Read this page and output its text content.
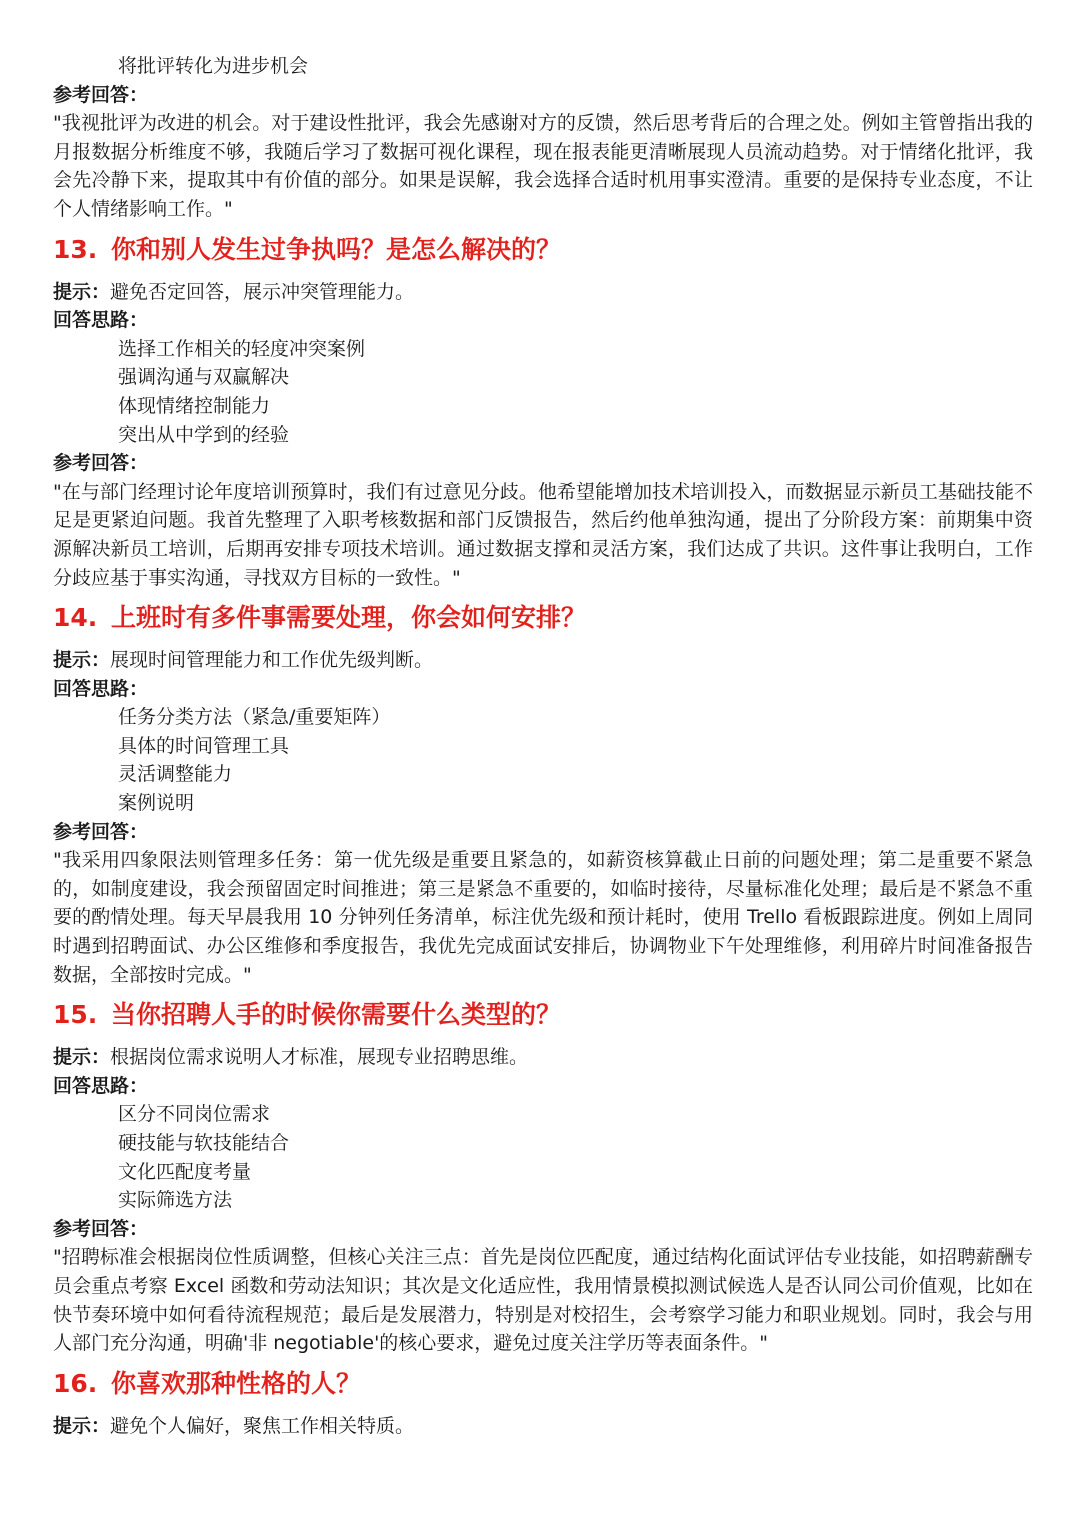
将批评转化为进步机会
参考回答：
"我视批评为改进的机会。对于建设性批评，我会先感谢对方的反馈，然后思考背后的合理之处。例如主管曾指出我的月报数据分析维度不够，我随后学习了数据可视化课程，现在报表能更清晰展现人员流动趋势。对于情绪化批评，我会先冷静下来，提取其中有价值的部分。如果是误解，我会选择合适时机用事实澄清。重要的是保持专业态度，不让个人情绪影响工作。"
13. 你和别人发生过争执吗？是怎么解决的？
提示：避免否定回答，展示冲突管理能力。
回答思路：
选择工作相关的轻度冲突案例
强调沟通与双赢解决
体现情绪控制能力
突出从中学到的经验
参考回答：
"在与部门经理讨论年度培训预算时，我们有过意见分歧。他希望能增加技术培训投入，而数据显示新员工基础技能不足是更紧迫问题。我首先整理了入职考核数据和部门反馈报告，然后约他单独沟通，提出了分阶段方案：前期集中资源解决新员工培训，后期再安排专项技术培训。通过数据支撑和灵活方案，我们达成了共识。这件事让我明白，工作分歧应基于事实沟通，寻找双方目标的一致性。"
14. 上班时有多件事需要处理，你会如何安排？
提示：展现时间管理能力和工作优先级判断。
回答思路：
任务分类方法（紧急/重要矩阵）
具体的时间管理工具
灵活调整能力
案例说明
参考回答：
"我采用四象限法则管理多任务：第一优先级是重要且紧急的，如薪资核算截止日前的问题处理；第二是重要不紧急的，如制度建设，我会预留固定时间推进；第三是紧急不重要的，如临时接待，尽量标准化处理；最后是不紧急不重要的酌情处理。每天早晨我用 10 分钟列任务清单，标注优先级和预计耗时，使用 Trello 看板跟踪进度。例如上周同时遇到招聘面试、办公区维修和季度报告，我优先完成面试安排后，协调物业下午处理维修，利用碎片时间准备报告数据，全部按时完成。"
15. 当你招聘人手的时候你需要什么类型的？
提示：根据岗位需求说明人才标准，展现专业招聘思维。
回答思路：
区分不同岗位需求
硬技能与软技能结合
文化匹配度考量
实际筛选方法
参考回答：
"招聘标准会根据岗位性质调整，但核心关注三点：首先是岗位匹配度，通过结构化面试评估专业技能，如招聘薪酬专员会重点考察 Excel 函数和劳动法知识；其次是文化适应性，我用情景模拟测试候选人是否认同公司价值观，比如在快节奏环境中如何看待流程规范；最后是发展潜力，特别是对校招生，会考察学习能力和职业规划。同时，我会与用人部门充分沟通，明确'非 negotiable'的核心要求，避免过度关注学历等表面条件。"
16. 你喜欢那种性格的人？
提示：避免个人偏好，聚焦工作相关特质。
